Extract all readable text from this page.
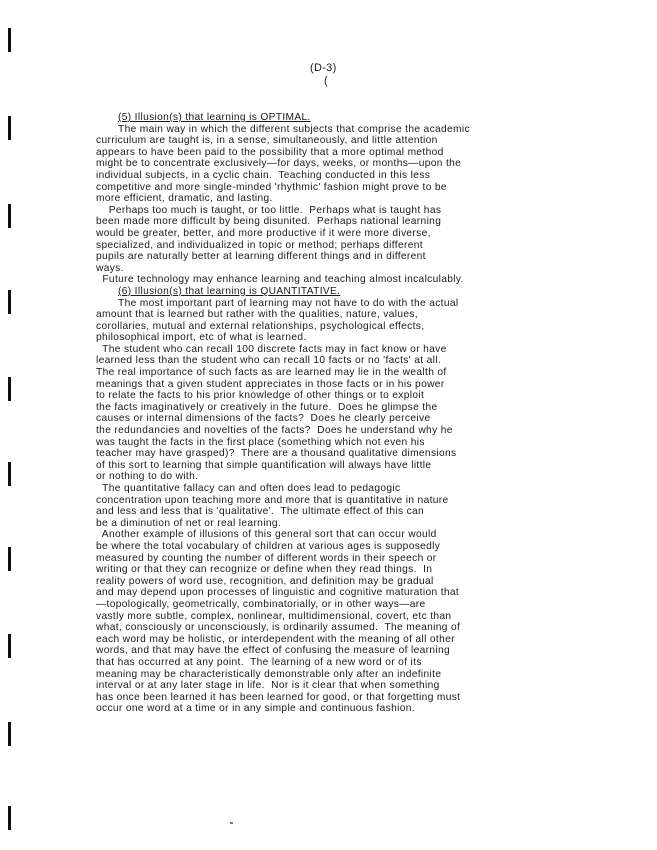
(D-3)
(
(5) Illusion(s) that learning is OPTIMAL.
The main way in which the different subjects that comprise the academic
curriculum are taught is, in a sense, simultaneously, and little attention
appears to have been paid to the possibility that a more optimal method
might be to concentrate exclusively—for days, weeks, or months—upon the
individual subjects, in a cyclic chain.  Teaching conducted in this less
competitive and more single-minded 'rhythmic' fashion might prove to be
more efficient, dramatic, and lasting.
Perhaps too much is taught, or too little.  Perhaps what is taught has
been made more difficult by being disunited.  Perhaps national learning
would be greater, better, and more productive if it were more diverse,
specialized, and individualized in topic or method; perhaps different
pupils are naturally better at learning different things and in different
ways.
Future technology may enhance learning and teaching almost incalculably.
(6) Illusion(s) that learning is QUANTITATIVE.
The most important part of learning may not have to do with the actual
amount that is learned but rather with the qualities, nature, values,
corollaries, mutual and external relationships, psychological effects,
philosophical import, etc of what is learned.
The student who can recall 100 discrete facts may in fact know or have
learned less than the student who can recall 10 facts or no 'facts' at all.
The real importance of such facts as are learned may lie in the wealth of
meanings that a given student appreciates in those facts or in his power
to relate the facts to his prior knowledge of other things or to exploit
the facts imaginatively or creatively in the future.  Does he glimpse the
causes or internal dimensions of the facts?  Does he clearly perceive
the redundancies and novelties of the facts?  Does he understand why he
was taught the facts in the first place (something which not even his
teacher may have grasped)?  There are a thousand qualitative dimensions
of this sort to learning that simple quantification will always have little
or nothing to do with.
The quantitative fallacy can and often does lead to pedagogic
concentration upon teaching more and more that is quantitative in nature
and less and less that is 'qualitative'.  The ultimate effect of this can
be a diminution of net or real learning.
Another example of illusions of this general sort that can occur would
be where the total vocabulary of children at various ages is supposedly
measured by counting the number of different words in their speech or
writing or that they can recognize or define when they read things.  In
reality powers of word use, recognition, and definition may be gradual
and may depend upon processes of linguistic and cognitive maturation that
—topologically, geometrically, combinatorially, or in other ways—are
vastly more subtle, complex, nonlinear, multidimensional, covert, etc than
what, consciously or unconsciously, is ordinarily assumed.  The meaning of
each word may be holistic, or interdependent with the meaning of all other
words, and that may have the effect of confusing the measure of learning
that has occurred at any point.  The learning of a new word or of its
meaning may be characteristically demonstrable only after an indefinite
interval or at any later stage in life.  Nor is it clear that when something
has once been learned it has been learned for good, or that forgetting must
occur one word at a time or in any simple and continuous fashion.
